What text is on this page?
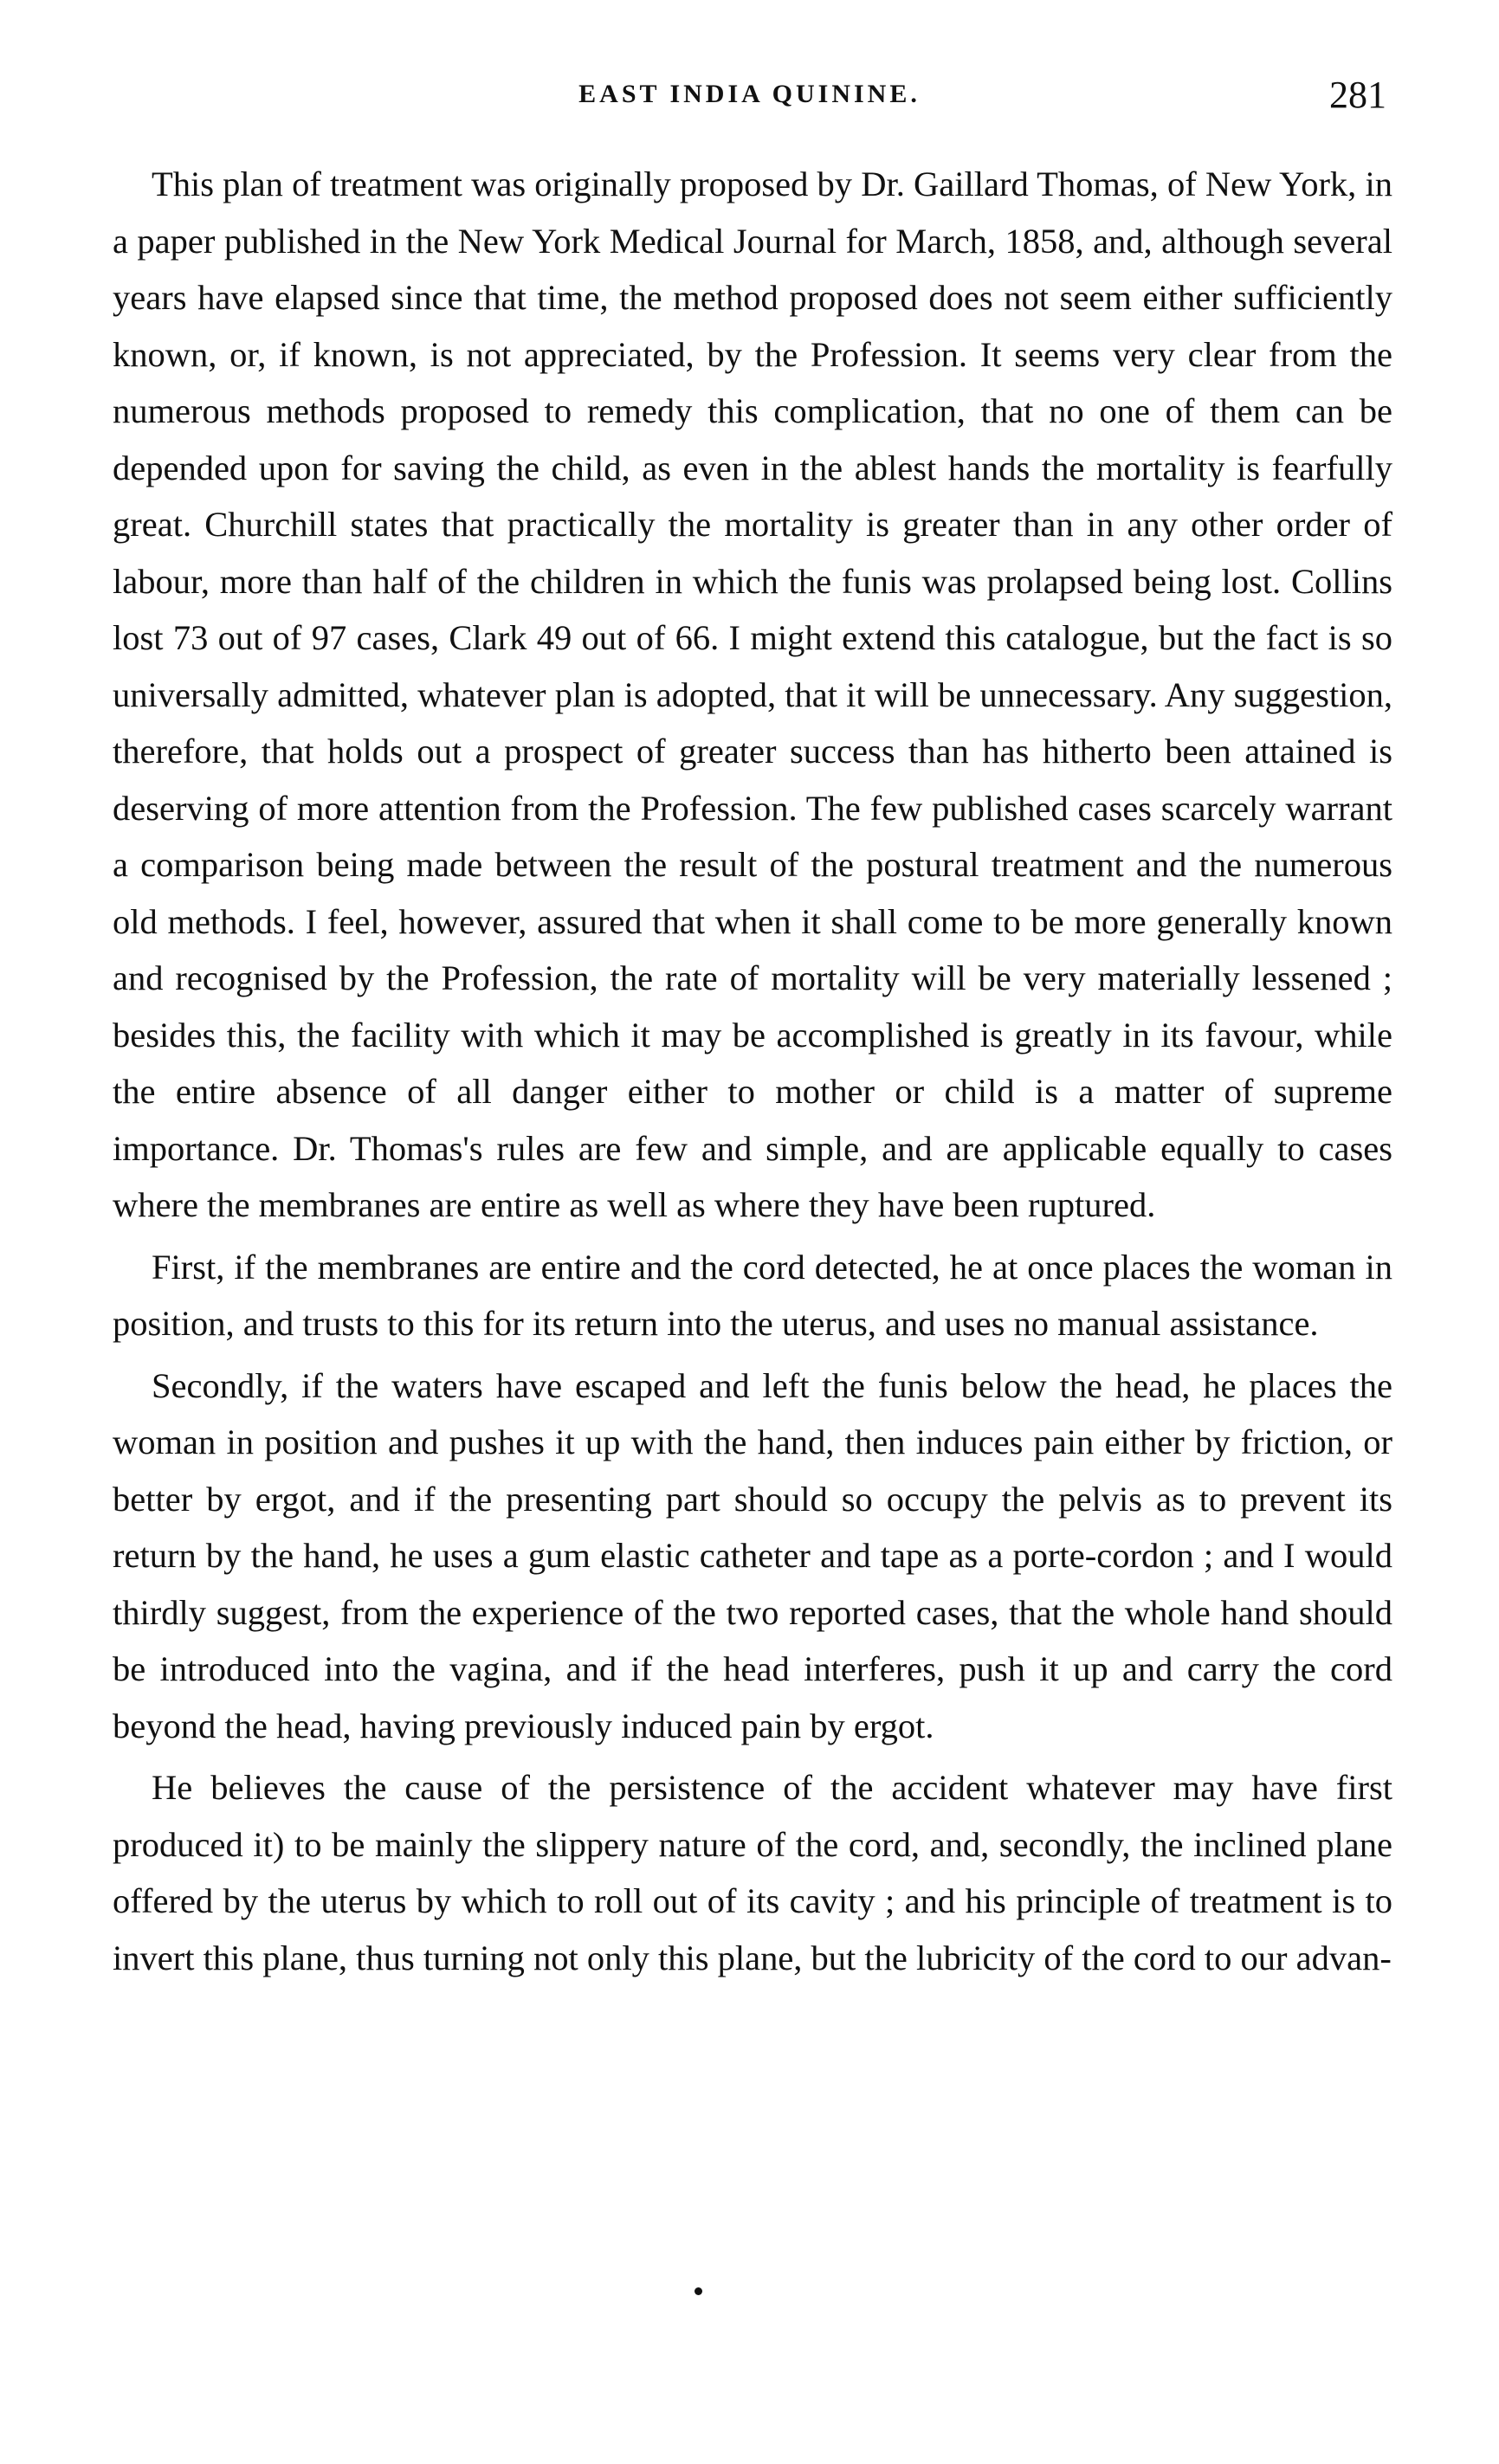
EAST INDIA QUININE.	281

This plan of treatment was originally proposed by Dr. Gaillard Thomas, of New York, in a paper published in the New York Medical Journal for March, 1858, and, although several years have elapsed since that time, the method proposed does not seem either sufficiently known, or, if known, is not appreciated, by the Profession. It seems very clear from the numerous methods proposed to remedy this complication, that no one of them can be depended upon for saving the child, as even in the ablest hands the mortality is fearfully great. Churchill states that practically the mortality is greater than in any other order of labour, more than half of the children in which the funis was prolapsed being lost. Collins lost 73 out of 97 cases, Clark 49 out of 66. I might extend this catalogue, but the fact is so universally admitted, whatever plan is adopted, that it will be unnecessary. Any suggestion, therefore, that holds out a prospect of greater success than has hitherto been attained is deserving of more attention from the Profession. The few published cases scarcely warrant a comparison being made between the result of the postural treatment and the numerous old methods. I feel, however, assured that when it shall come to be more generally known and recognised by the Profession, the rate of mortality will be very materially lessened ; besides this, the facility with which it may be accomplished is greatly in its favour, while the entire absence of all danger either to mother or child is a matter of supreme importance. Dr. Thomas's rules are few and simple, and are applicable equally to cases where the membranes are entire as well as where they have been ruptured.

First, if the membranes are entire and the cord detected, he at once places the woman in position, and trusts to this for its return into the uterus, and uses no manual assistance.

Secondly, if the waters have escaped and left the funis below the head, he places the woman in position and pushes it up with the hand, then induces pain either by friction, or better by ergot, and if the presenting part should so occupy the pelvis as to prevent its return by the hand, he uses a gum elastic catheter and tape as a porte-cordon ; and I would thirdly suggest, from the experience of the two reported cases, that the whole hand should be introduced into the vagina, and if the head interferes, push it up and carry the cord beyond the head, having previously induced pain by ergot.

He believes the cause of the persistence of the accident whatever may have first produced it) to be mainly the slippery nature of the cord, and, secondly, the inclined plane offered by the uterus by which to roll out of its cavity ; and his principle of treatment is to invert this plane, thus turning not only this plane, but the lubricity of the cord to our advan-
